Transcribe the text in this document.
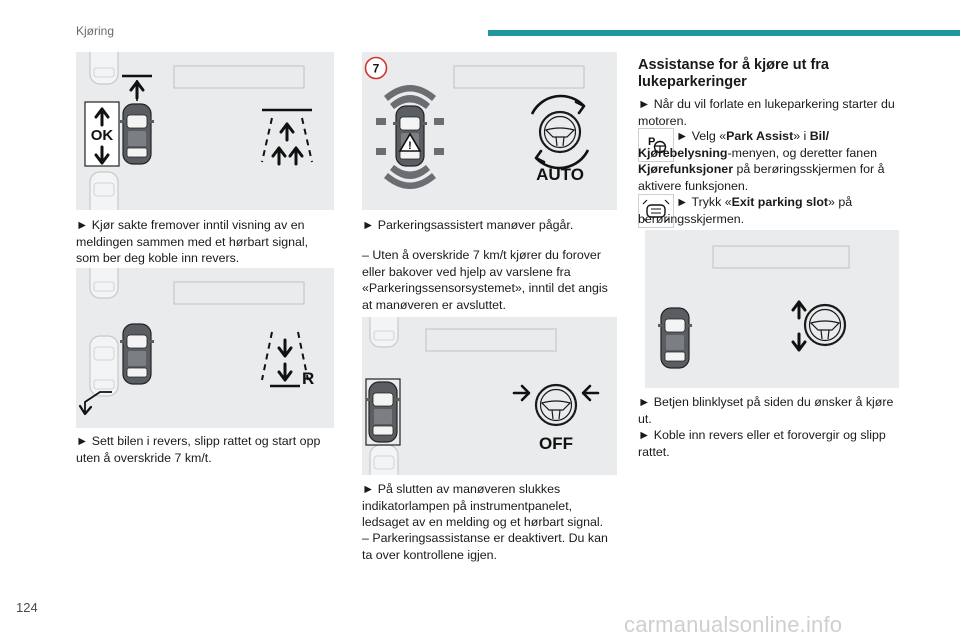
Kjøring
OK
► Kjør sakte fremover inntil visning av en meldingen sammen med et hørbart signal, som ber deg koble inn revers.
R
► Sett bilen i revers, slipp rattet og start opp uten å overskride 7 km/t.
7
!
AUTO
► Parkeringsassistert manøver pågår.
– Uten å overskride 7 km/t kjører du forover eller bakover ved hjelp av varslene fra «Parkeringssensorsystemet», inntil det angis at manøveren er avsluttet.
OFF
► På slutten av manøveren slukkes indikatorlampen på instrumentpanelet, ledsaget av en melding og et hørbart signal.
– Parkeringsassistanse er deaktivert. Du kan ta over kontrollene igjen.
Assistanse for å kjøre ut fra lukeparkeringer
► Når du vil forlate en lukeparkering starter du motoren.
P	► Velg «Park Assist» i Bil/ Kjørebelysning-menyen, og deretter fanen Kjørefunksjoner på berøringsskjermen for å aktivere funksjonen.

► Trykk «Exit parking slot» på berøringsskjermen.

► Betjen blinklyset på siden du ønsker å kjøre ut.
► Koble inn revers eller et forovergir og slipp rattet.
124
carmanualsonline.info
